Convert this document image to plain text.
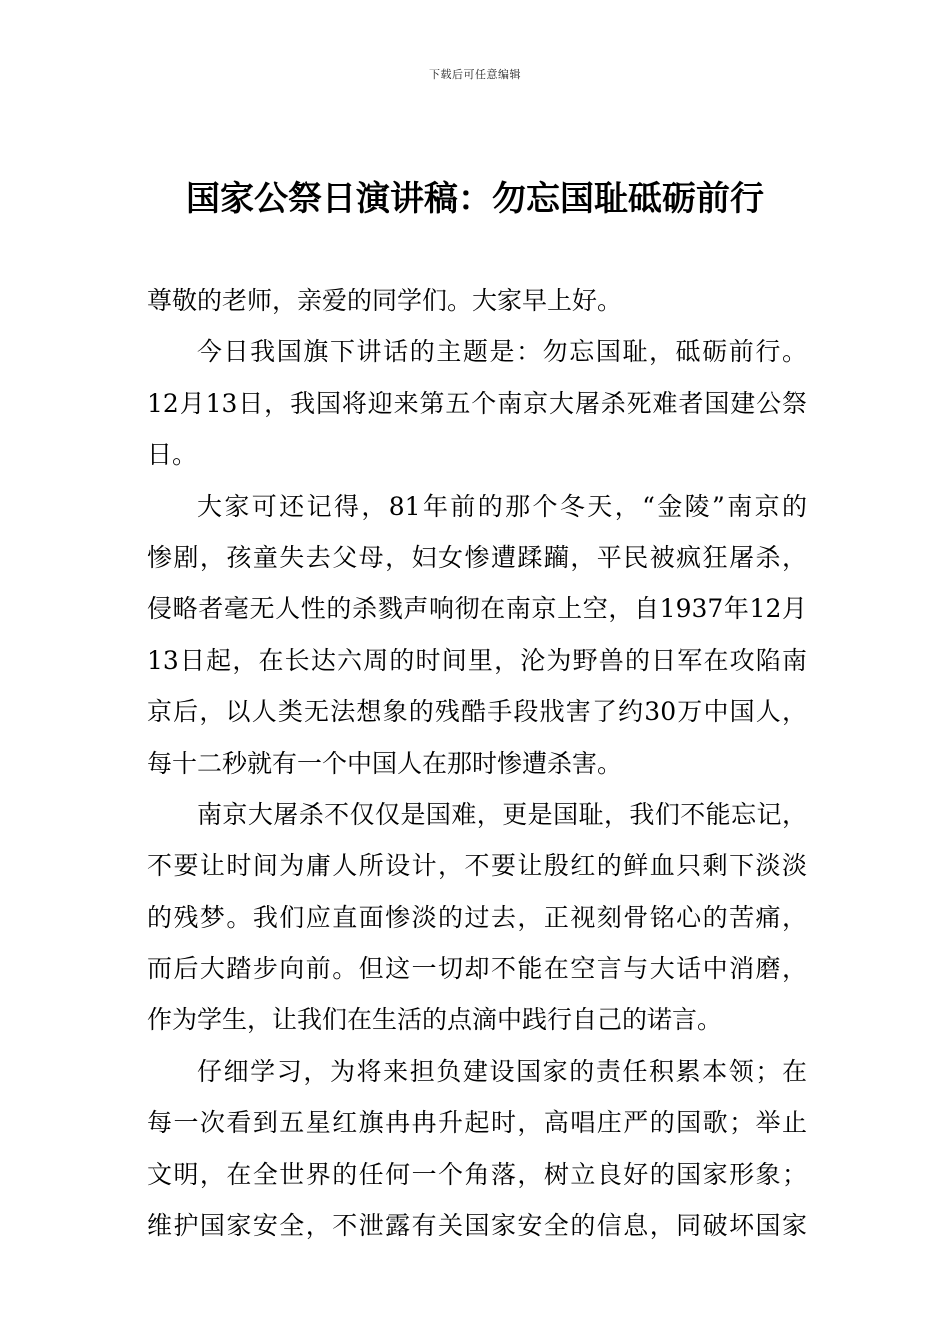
下载后可任意编辑
国家公祭日演讲稿：勿忘国耻砥砺前行
尊敬的老师，亲爱的同学们。大家早上好。
今日我国旗下讲话的主题是：勿忘国耻，砥砺前行。
12月13日，我国将迎来第五个南京大屠杀死难者国建公祭
日。
大家可还记得，81年前的那个冬天，“金陵”南京的
惨剧，孩童失去父母，妇女惨遭蹂躏，平民被疯狂屠杀，
侵略者毫无人性的杀戮声响彻在南京上空，自1937年12月
13日起，在长达六周的时间里，沦为野兽的日军在攻陷南
京后，以人类无法想象的残酷手段戕害了约30万中国人，
每十二秒就有一个中国人在那时惨遭杀害。
南京大屠杀不仅仅是国难，更是国耻，我们不能忘记，
不要让时间为庸人所设计，不要让殷红的鲜血只剩下淡淡
的残梦。我们应直面惨淡的过去，正视刻骨铭心的苦痛，
而后大踏步向前。但这一切却不能在空言与大话中消磨，
作为学生，让我们在生活的点滴中践行自己的诺言。
仔细学习，为将来担负建设国家的责任积累本领；在
每一次看到五星红旗冉冉升起时，高唱庄严的国歌；举止
文明，在全世界的任何一个角落，树立良好的国家形象；
维护国家安全，不泄露有关国家安全的信息，同破坏国家
